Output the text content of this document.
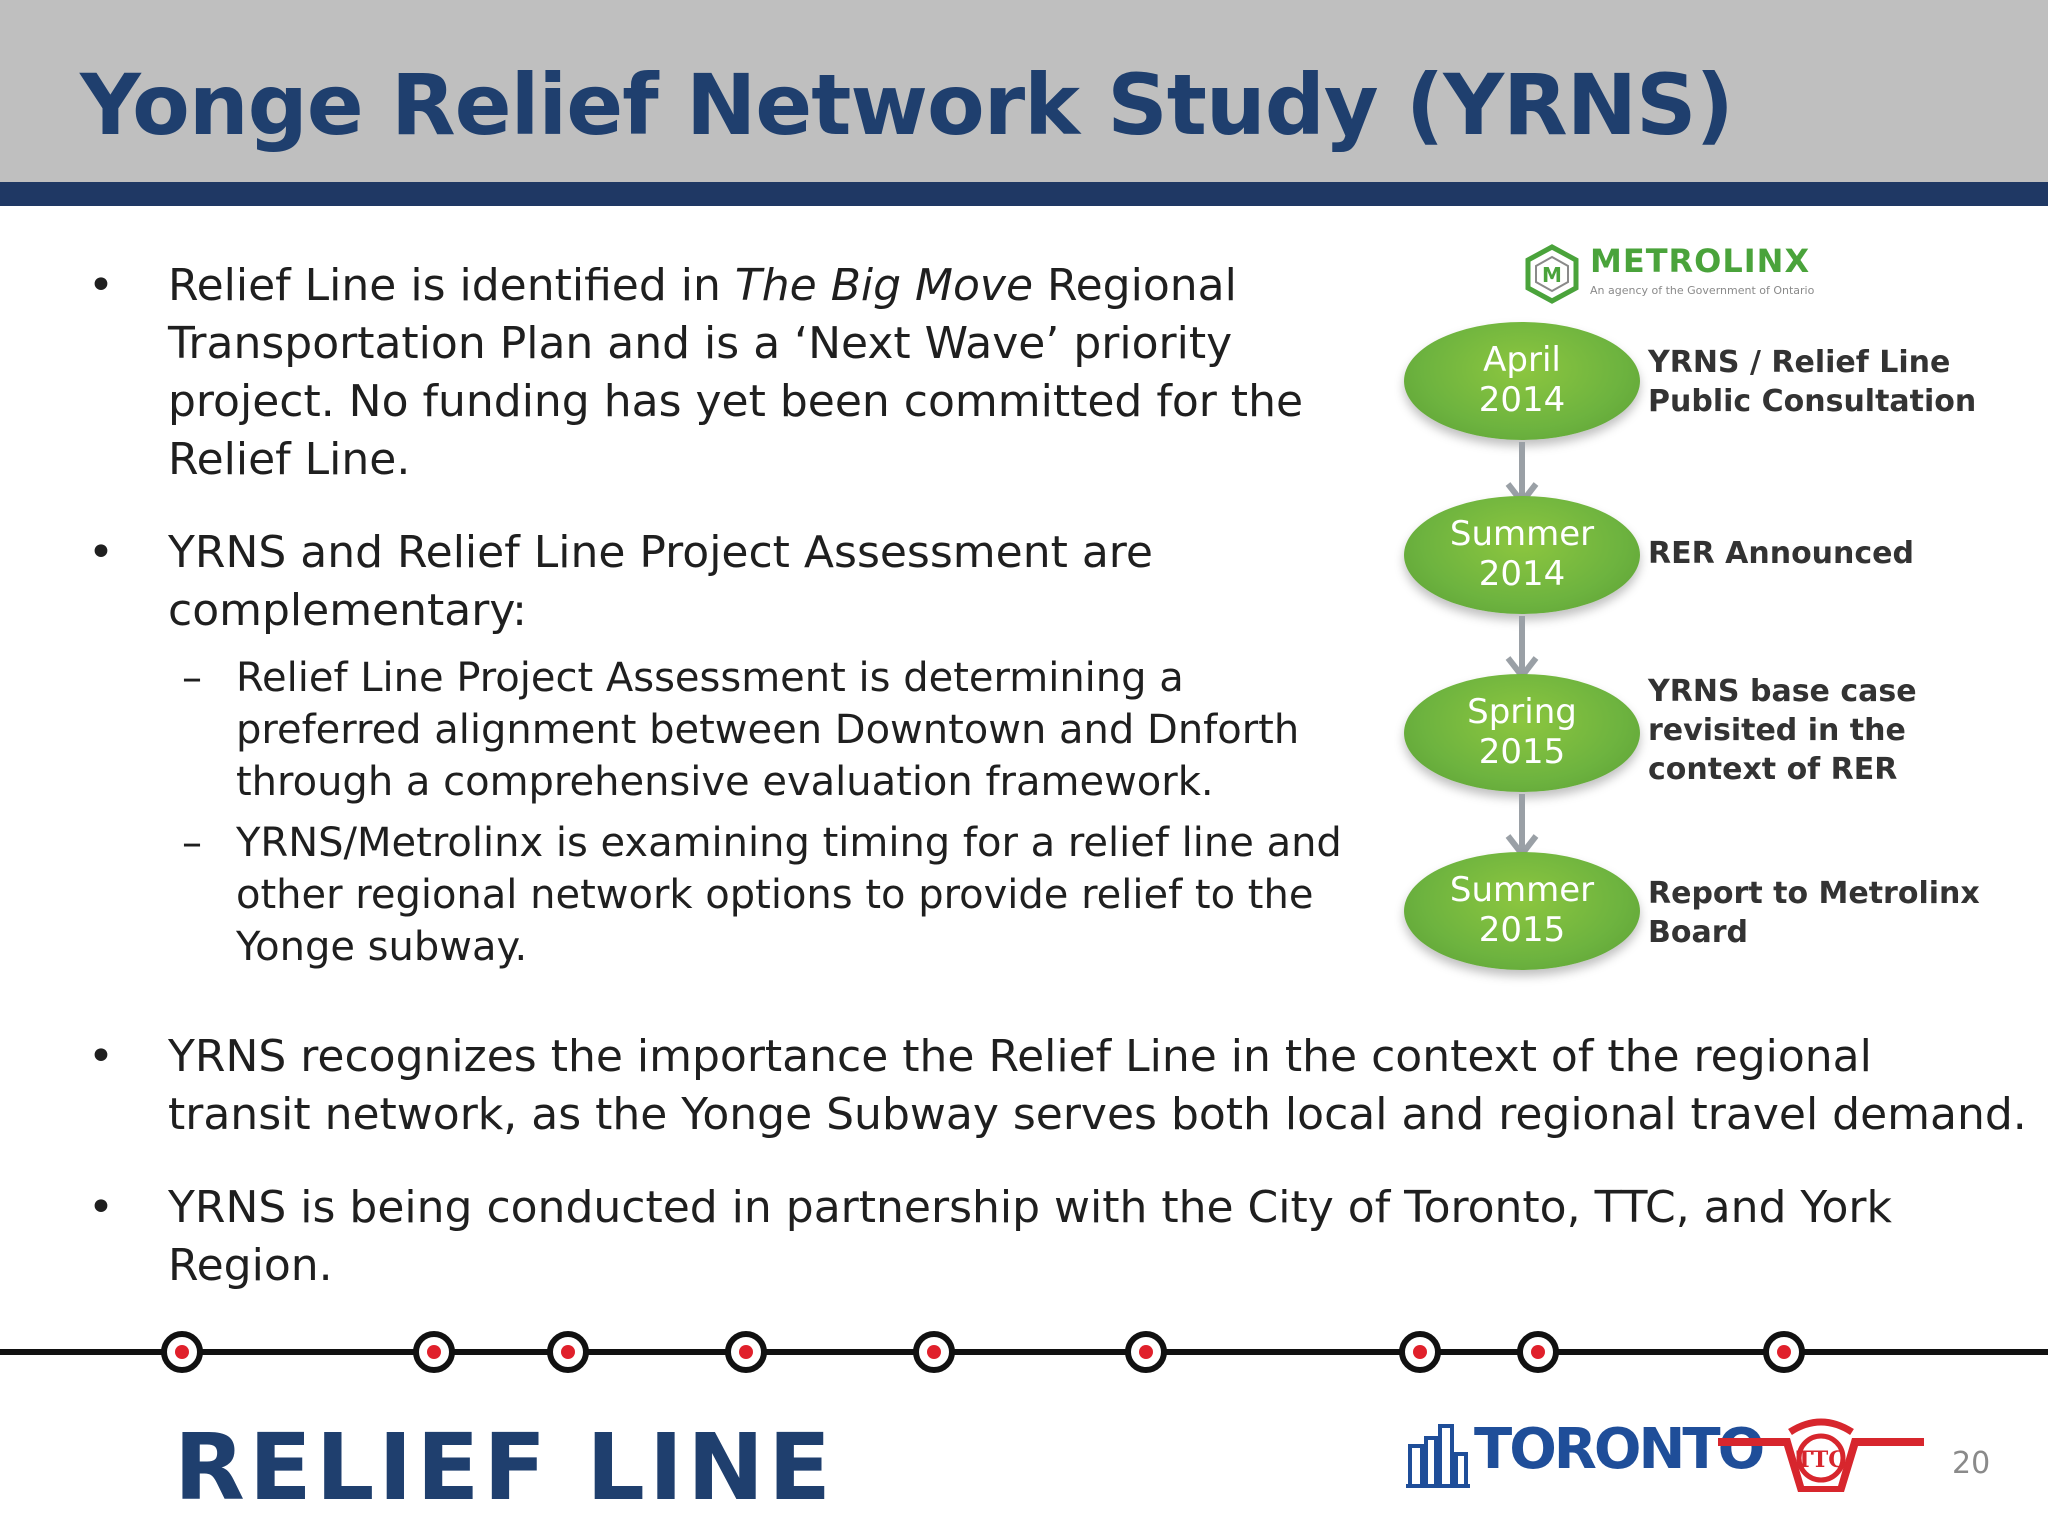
Yonge Relief Network Study (YRNS)
•	Relief Line is identified in The Big Move Regional Transportation Plan and is a ‘Next Wave’ priority project. No funding has yet been committed for the Relief Line.
•	YRNS and Relief Line Project Assessment are complementary:
– Relief Line Project Assessment is determining a preferred alignment between Downtown and Dnforth through a comprehensive evaluation framework.
– YRNS/Metrolinx is examining timing for a relief line and other regional network options to provide relief to the Yonge subway.
•	YRNS recognizes the importance the Relief Line in the context of the regional transit network, as the Yonge Subway serves both local and regional travel demand.
•	YRNS is being conducted in partnership with the City of Toronto, TTC, and York Region.
M METROLINX
An agency of the Government of Ontario
April
2014
YRNS / Relief Line
Public Consultation
Summer
2014
RER Announced
Spring
2015
YRNS base case
revisited in the
context of RER
Summer
2015
Report to Metrolinx
Board
RELIEF LINE	TORONTO TTC	20
